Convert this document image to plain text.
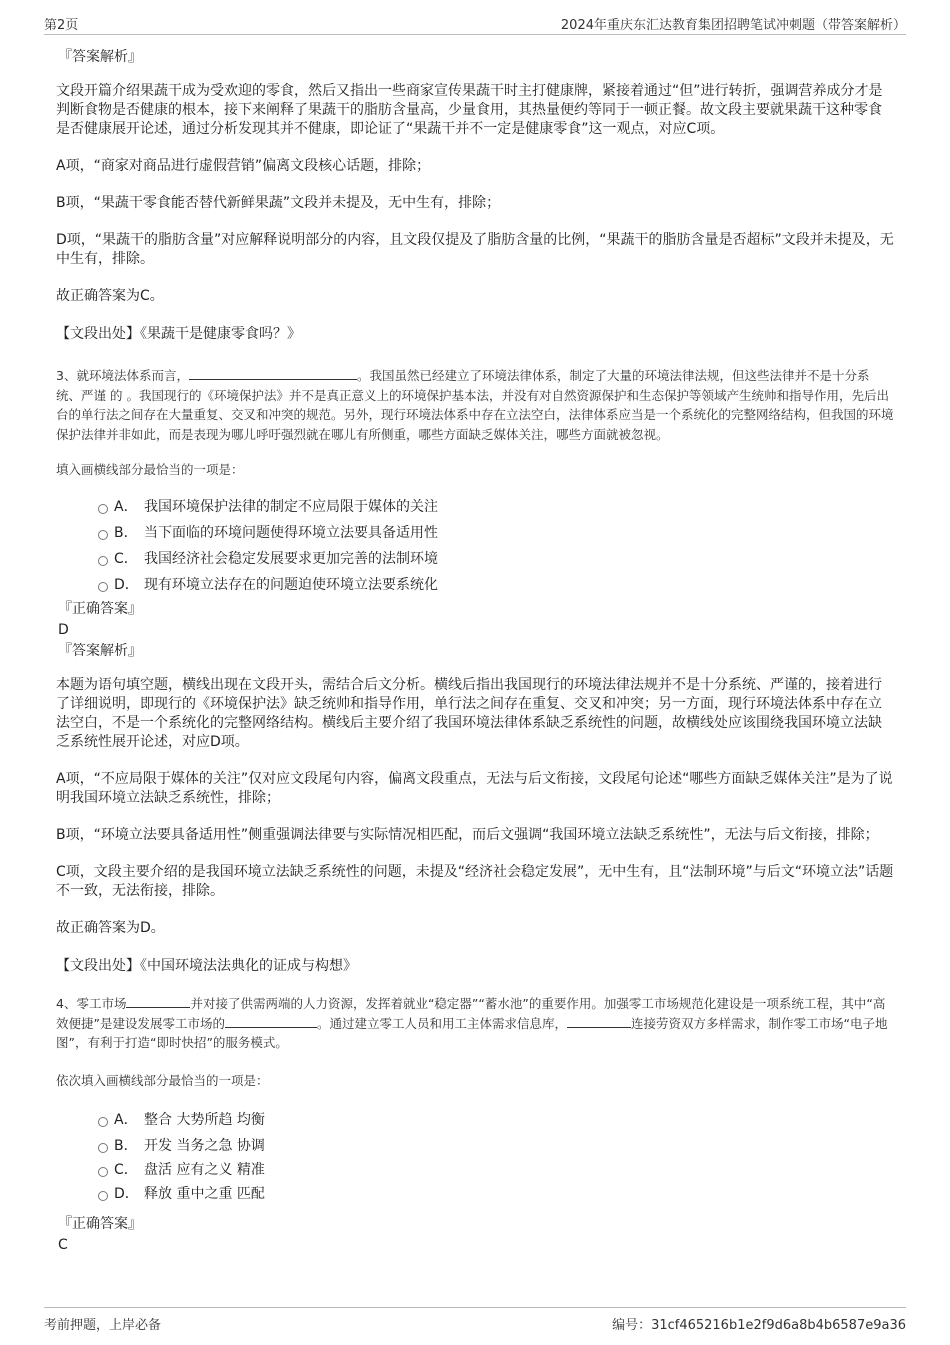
第2页	2024年重庆东汇达教育集团招聘笔试冲刺题（带答案解析）
『答案解析』

文段开篇介绍果蔬干成为受欢迎的零食，然后又指出一些商家宣传果蔬干时主打健康牌，紧接着通过“但”进行转折，强调营养成分才是判断食物是否健康的根本，接下来阐释了果蔬干的脂肪含量高，少量食用，其热量便约等同于一顿正餐。故文段主要就果蔬干这种零食是否健康展开论述，通过分析发现其并不健康，即论证了“果蔬干并不一定是健康零食”这一观点，对应C项。

A项，“商家对商品进行虚假营销”偏离文段核心话题，排除；

B项，“果蔬干零食能否替代新鲜果蔬”文段并未提及，无中生有，排除；

D项，“果蔬干的脂肪含量”对应解释说明部分的内容，且文段仅提及了脂肪含量的比例，“果蔬干的脂肪含量是否超标”文段并未提及，无中生有，排除。

故正确答案为C。

【文段出处】《果蔬干是健康零食吗？》

3、就环境法体系而言，	。我国虽然已经建立了环境法律体系，制定了大量的环境法律法规，但这些法律并不是十分系统、严谨 的 。我国现行的《环境保护法》并不是真正意义上的环境保护基本法，并没有对自然资源保护和生态保护等领域产生统帅和指导作用，先后出台的单行法之间存在大量重复、交叉和冲突的规范。另外，现行环境法体系中存在立法空白，法律体系应当是一个系统化的完整网络结构，但我国的环境保护法律并非如此，而是表现为哪儿呼吁强烈就在哪儿有所侧重，哪些方面缺乏媒体关注，哪些方面就被忽视。

填入画横线部分最恰当的一项是：

A． 我国环境保护法律的制定不应局限于媒体的关注
B． 当下面临的环境问题使得环境立法要具备适用性
C． 我国经济社会稳定发展要求更加完善的法制环境
D． 现有环境立法存在的问题迫使环境立法要系统化
『正确答案』
D
『答案解析』

本题为语句填空题，横线出现在文段开头，需结合后文分析。横线后指出我国现行的环境法律法规并不是十分系统、严谨的，接着进行了详细说明，即现行的《环境保护法》缺乏统帅和指导作用，单行法之间存在重复、交叉和冲突；另一方面，现行环境法体系中存在立法空白，不是一个系统化的完整网络结构。横线后主要介绍了我国环境法律体系缺乏系统性的问题，故横线处应该围绕我国环境立法缺乏系统性展开论述，对应D项。

A项，“不应局限于媒体的关注”仅对应文段尾句内容，偏离文段重点，无法与后文衔接，文段尾句论述“哪些方面缺乏媒体关注”是为了说明我国环境立法缺乏系统性，排除；

B项，“环境立法要具备适用性”侧重强调法律要与实际情况相匹配，而后文强调“我国环境立法缺乏系统性”，无法与后文衔接，排除；

C项，文段主要介绍的是我国环境立法缺乏系统性的问题，未提及“经济社会稳定发展”，无中生有，且“法制环境”与后文“环境立法”话题不一致，无法衔接，排除。

故正确答案为D。

【文段出处】《中国环境法法典化的证成与构想》

4、零工市场	并对接了供需两端的人力资源，发挥着就业“稳定器”“蓄水池”的重要作用。加强零工市场规范化建设是一项系统工程，其中“高效便捷”是建设发展零工市场的	。通过建立零工人员和用工主体需求信息库，	连接劳资双方多样需求，制作零工市场“电子地图”，有利于打造“即时快招”的服务模式。

依次填入画横线部分最恰当的一项是：

A． 整合 大势所趋 均衡
B． 开发 当务之急 协调
C． 盘活 应有之义 精准
D． 释放 重中之重 匹配
『正确答案』
C
考前押题，上岸必备	编号：31cf465216b1e2f9d6a8b4b6587e9a36
